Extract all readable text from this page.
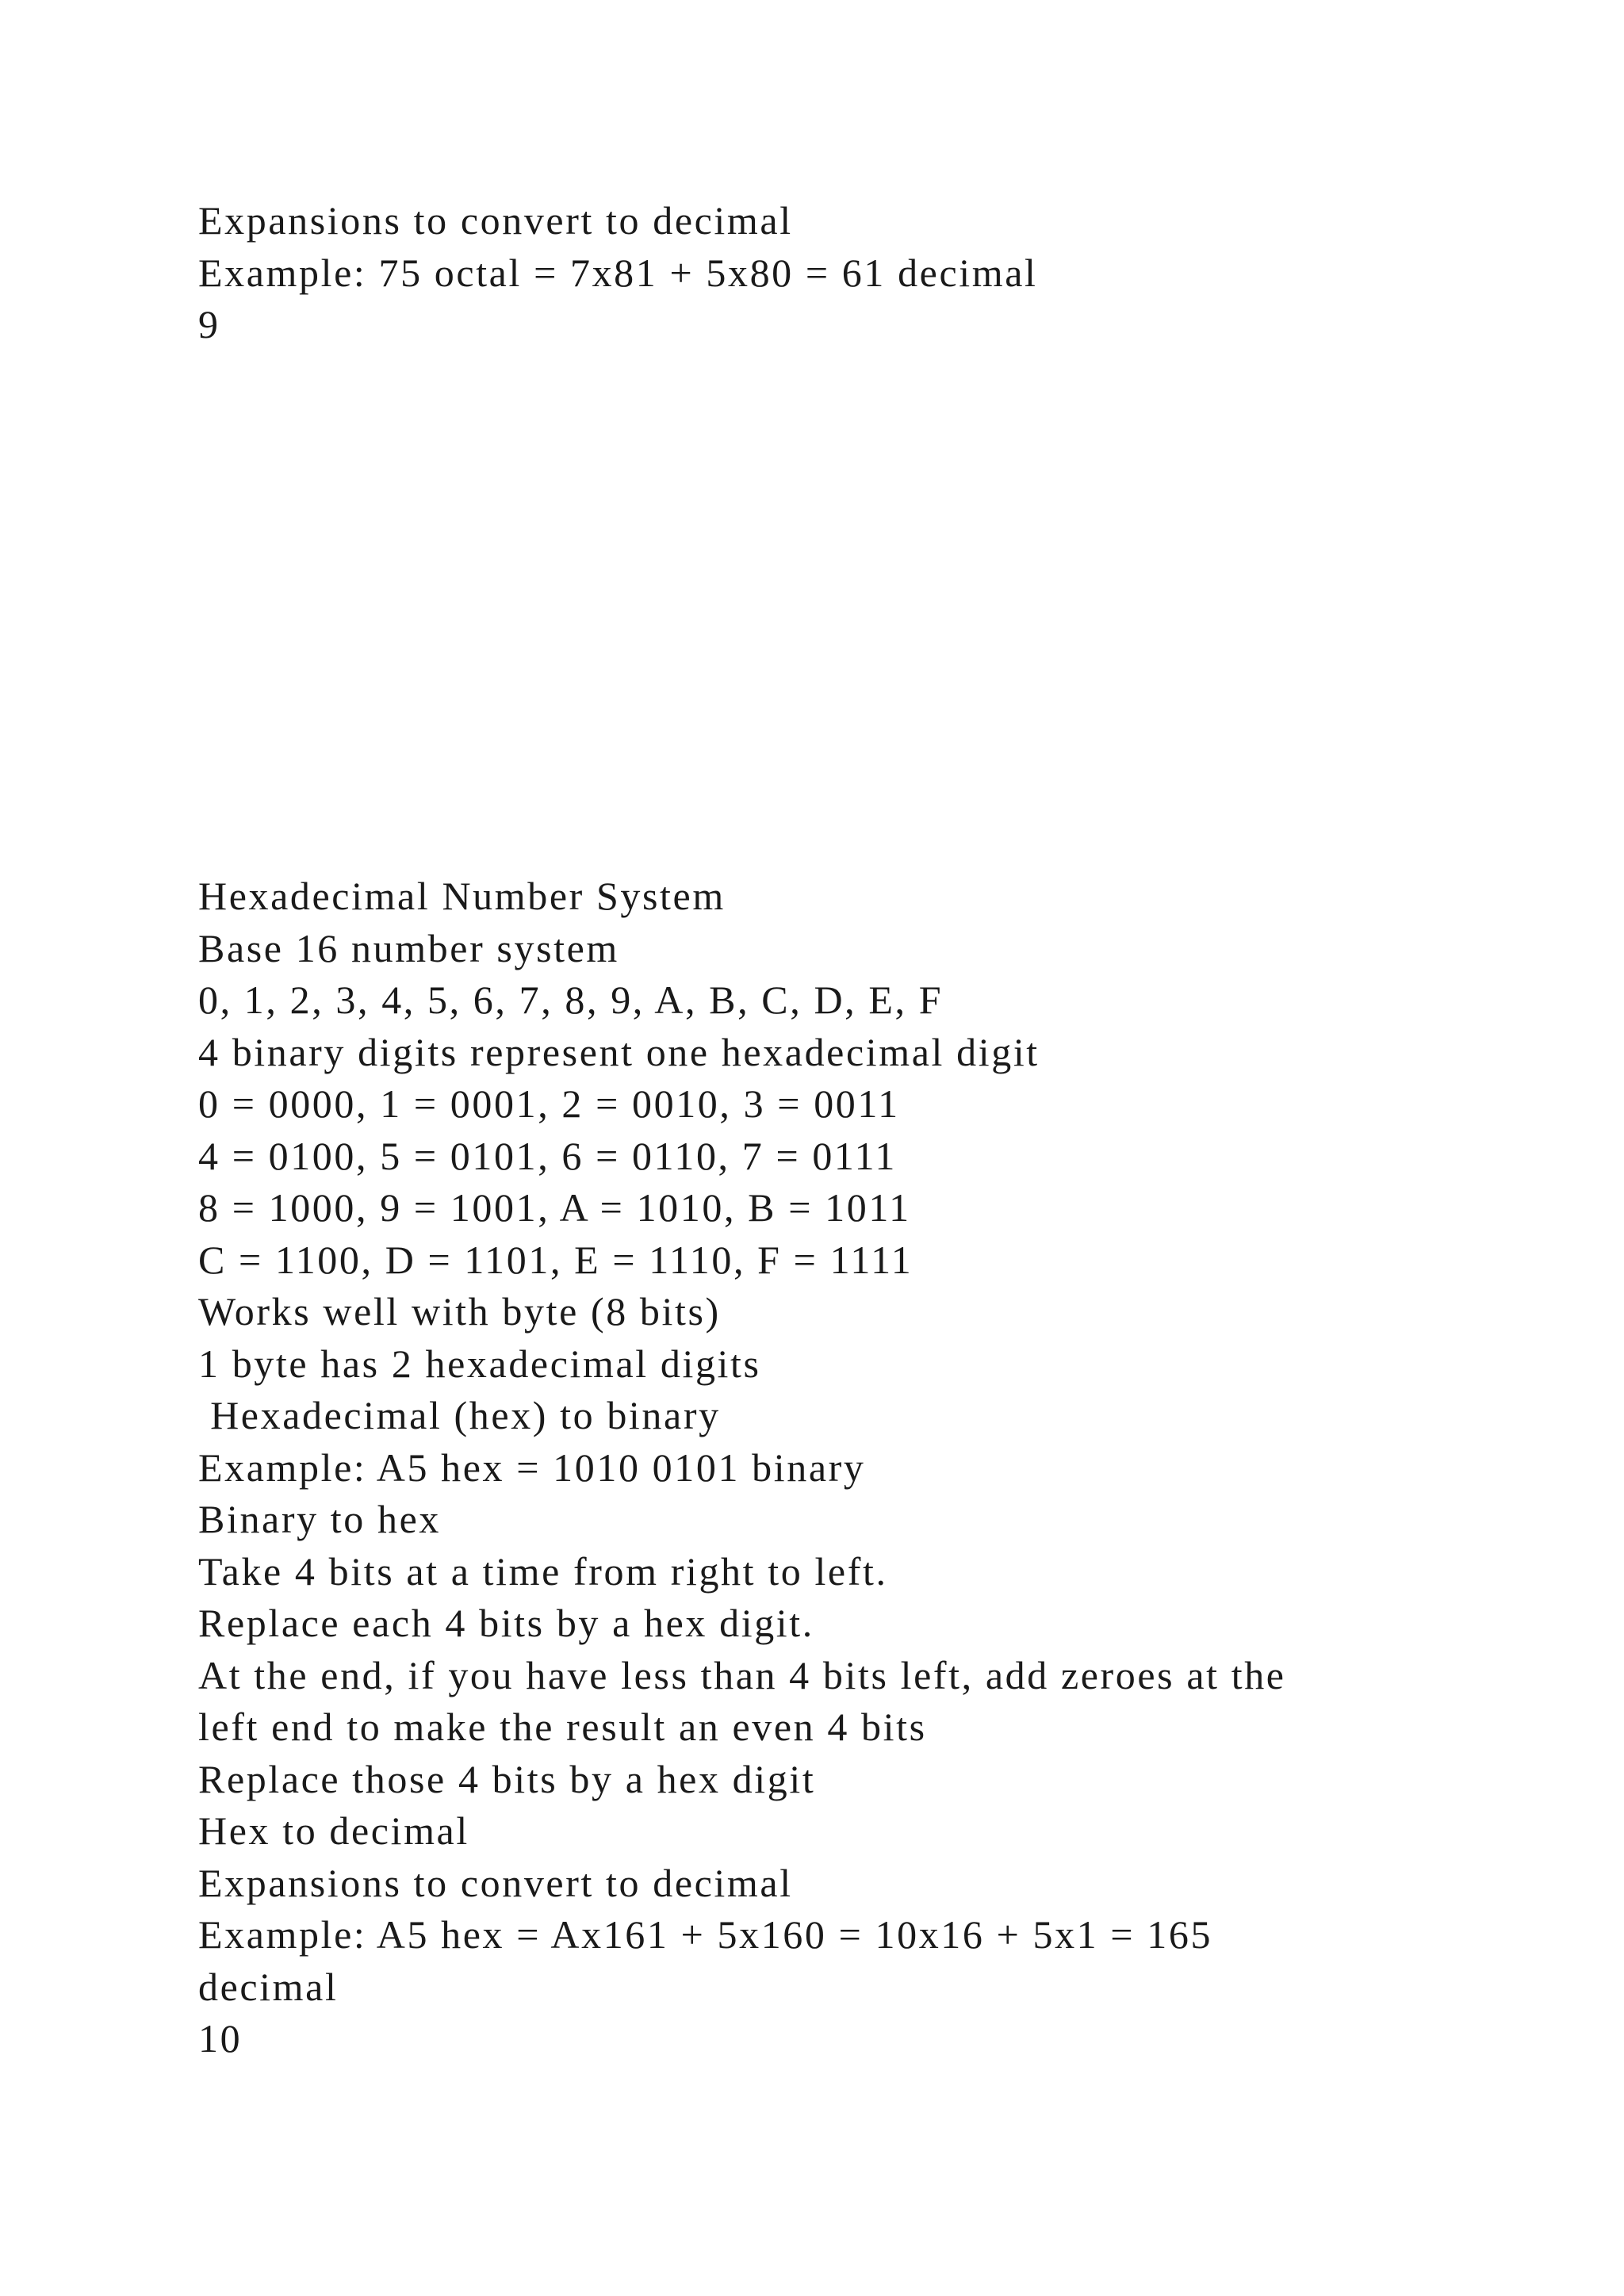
Expansions to convert to decimal
Example: 75 octal = 7x81 + 5x80 = 61 decimal
9
Hexadecimal Number System
Base 16 number system
0, 1, 2, 3, 4, 5, 6, 7, 8, 9, A, B, C, D, E, F
4 binary digits represent one hexadecimal digit
0 = 0000, 1 = 0001, 2 = 0010, 3 = 0011
4 = 0100, 5 = 0101, 6 = 0110, 7 = 0111
8 = 1000, 9 = 1001, A = 1010, B = 1011
C = 1100, D = 1101, E = 1110, F = 1111
Works well with byte (8 bits)
1 byte has 2 hexadecimal digits
Hexadecimal (hex) to binary
Example: A5 hex = 1010 0101 binary
Binary to hex
Take 4 bits at a time from right to left.
Replace each 4 bits by a hex digit.
At the end, if you have less than 4 bits left, add zeroes at the
left end to make the result an even 4 bits
Replace those 4 bits by a hex digit
Hex to decimal
Expansions to convert to decimal
Example: A5 hex = Ax161 + 5x160 = 10x16 + 5x1 = 165
decimal
10
